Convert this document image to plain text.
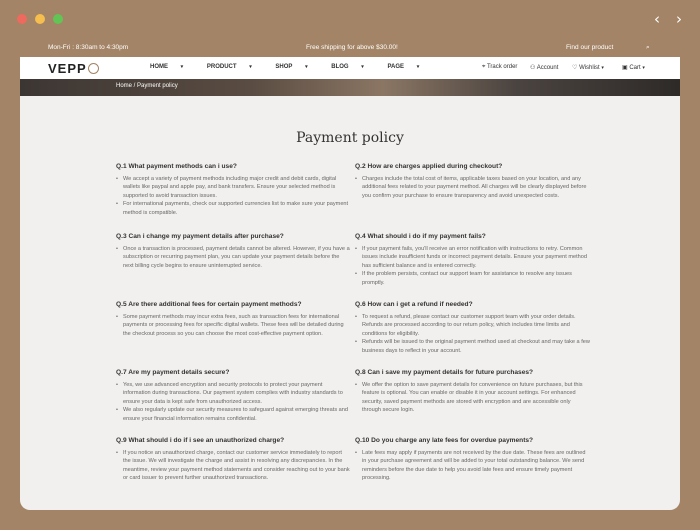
‹ ›
Mon-Fri : 8:30am to 4:30pm	Free shipping for above $30.00!	Find our product	⌕
VEPP	HOME	▾	PRODUCT	▾	SHOP	▾	BLOG	▾	PAGE	▾	⌖ Track order ⚇ Account ♡ Wishlist ▾	▣ Cart ▾
Home / Payment policy
Payment policy
Q.1 What payment methods can i use?
• We accept a variety of payment methods including major credit and debit cards, digital wallets like paypal and apple pay, and bank transfers. Ensure your selected method is supported to avoid transaction issues.
• For international payments, check our supported currencies list to make sure your payment method is compatible.
Q.2 How are charges applied during checkout?
• Charges include the total cost of items, applicable taxes based on your location, and any additional fees related to your payment method. All charges will be clearly displayed before you confirm your purchase to ensure transparency and avoid unexpected costs.
Q.3 Can i change my payment details after purchase?
• Once a transaction is processed, payment details cannot be altered. However, if you have a subscription or recurring payment plan, you can update your payment details before the next billing cycle begins to ensure uninterrupted service.
Q.4 What should i do if my payment fails?
• If your payment fails, you'll receive an error notification with instructions to retry. Common issues include insufficient funds or incorrect payment details. Ensure your payment method has sufficient balance and is entered correctly.
• If the problem persists, contact our support team for assistance to resolve any issues promptly.
Q.5 Are there additional fees for certain payment methods?
• Some payment methods may incur extra fees, such as transaction fees for international payments or processing fees for specific digital wallets. These fees will be detailed during the checkout process so you can choose the most cost-effective payment option.
Q.6 How can i get a refund if needed?
• To request a refund, please contact our customer support team with your order details. Refunds are processed according to our return policy, which includes time limits and conditions for eligibility.
• Refunds will be issued to the original payment method used at checkout and may take a few business days to reflect in your account.
Q.7 Are my payment details secure?
• Yes, we use advanced encryption and security protocols to protect your payment information during transactions. Our payment system complies with industry standards to ensure your data is kept safe from unauthorized access.
• We also regularly update our security measures to safeguard against emerging threats and ensure your financial information remains confidential.
Q.8 Can i save my payment details for future purchases?
• We offer the option to save payment details for convenience on future purchases, but this feature is optional. You can enable or disable it in your account settings. For enhanced security, saved payment methods are stored with encryption and are accessible only through secure login.
Q.9 What should i do if i see an unauthorized charge?
• If you notice an unauthorized charge, contact our customer service immediately to report the issue. We will investigate the charge and assist in resolving any discrepancies. In the meantime, review your payment method statements and consider reaching out to your bank or card issuer to prevent further unauthorized transactions.
Q.10 Do you charge any late fees for overdue payments?
• Late fees may apply if payments are not received by the due date. These fees are outlined in your purchase agreement and will be added to your total outstanding balance. We send reminders before the due date to help you avoid late fees and ensure timely payment processing.
